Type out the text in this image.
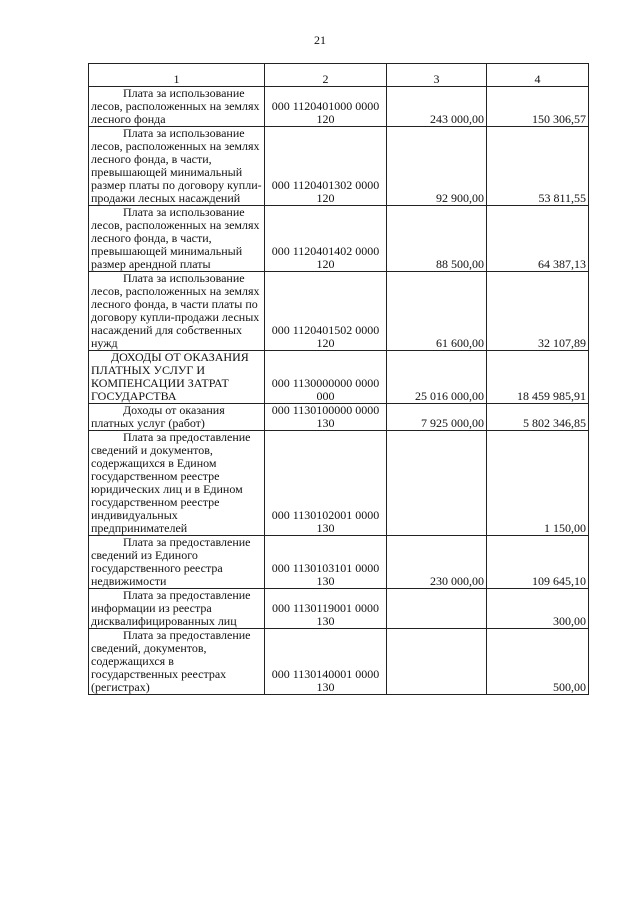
21
1	2	3	4

Плата за использование лесов, расположенных на землях лесного фонда	000 1120401000 0000 120	243 000,00	150 306,57

Плата за использование лесов, расположенных на землях лесного фонда, в части, превышающей минимальный размер платы по договору купли-продажи лесных насаждений	000 1120401302 0000 120	92 900,00	53 811,55

Плата за использование лесов, расположенных на землях лесного фонда, в части, превышающей минимальный размер арендной платы	000 1120401402 0000 120	88 500,00	64 387,13

Плата за использование лесов, расположенных на землях лесного фонда, в части платы по договору купли-продажи лесных насаждений для собственных нужд	000 1120401502 0000 120	61 600,00	32 107,89

ДОХОДЫ ОТ ОКАЗАНИЯ ПЛАТНЫХ УСЛУГ И КОМПЕНСАЦИИ ЗАТРАТ ГОСУДАРСТВА	000 1130000000 0000 000	25 016 000,00	18 459 985,91

Доходы от оказания платных услуг (работ)	000 1130100000 0000 130	7 925 000,00	5 802 346,85

Плата за предоставление сведений и документов, содержащихся в Едином государственном реестре юридических лиц и в Едином государственном реестре индивидуальных предпринимателей	000 1130102001 0000 130		1 150,00

Плата за предоставление сведений из Единого государственного реестра недвижимости	000 1130103101 0000 130	230 000,00	109 645,10

Плата за предоставление информации из реестра дисквалифицированных лиц	000 1130119001 0000 130		300,00

Плата за предоставление сведений, документов, содержащихся в государственных реестрах (регистрах)	000 1130140001 0000 130		500,00
